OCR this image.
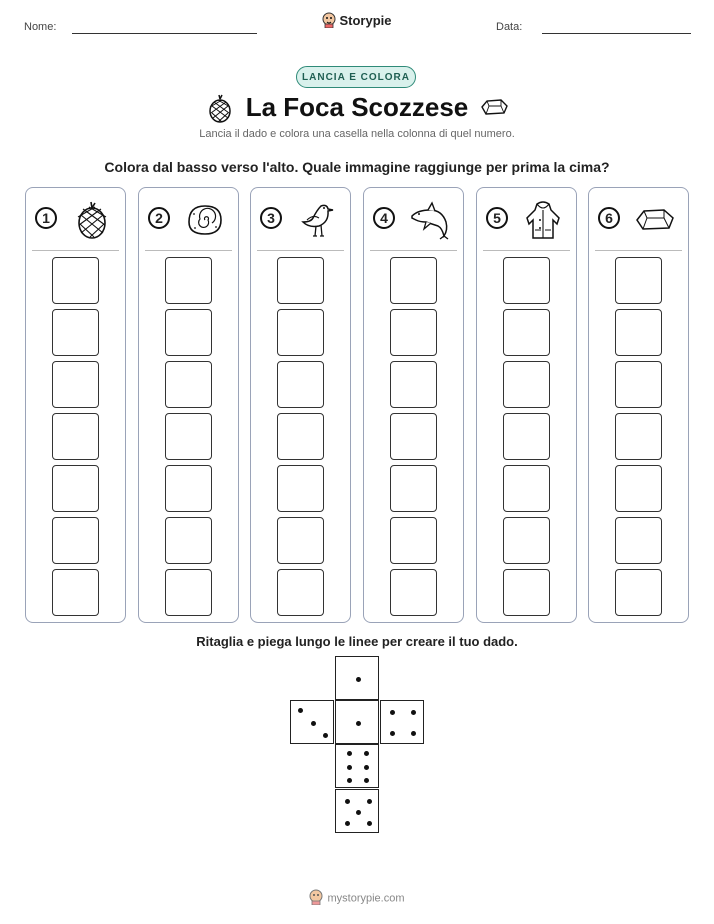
Nome:	Storypie	Data:
LANCIA E COLORA
La Foca Scozzese
Lancia il dado e colora una casella nella colonna di quel numero.
Colora dal basso verso l'alto. Quale immagine raggiunge per prima la cima?
1	2	3	4	5	6
Ritaglia e piega lungo le linee per creare il tuo dado.
mystorypie.com
